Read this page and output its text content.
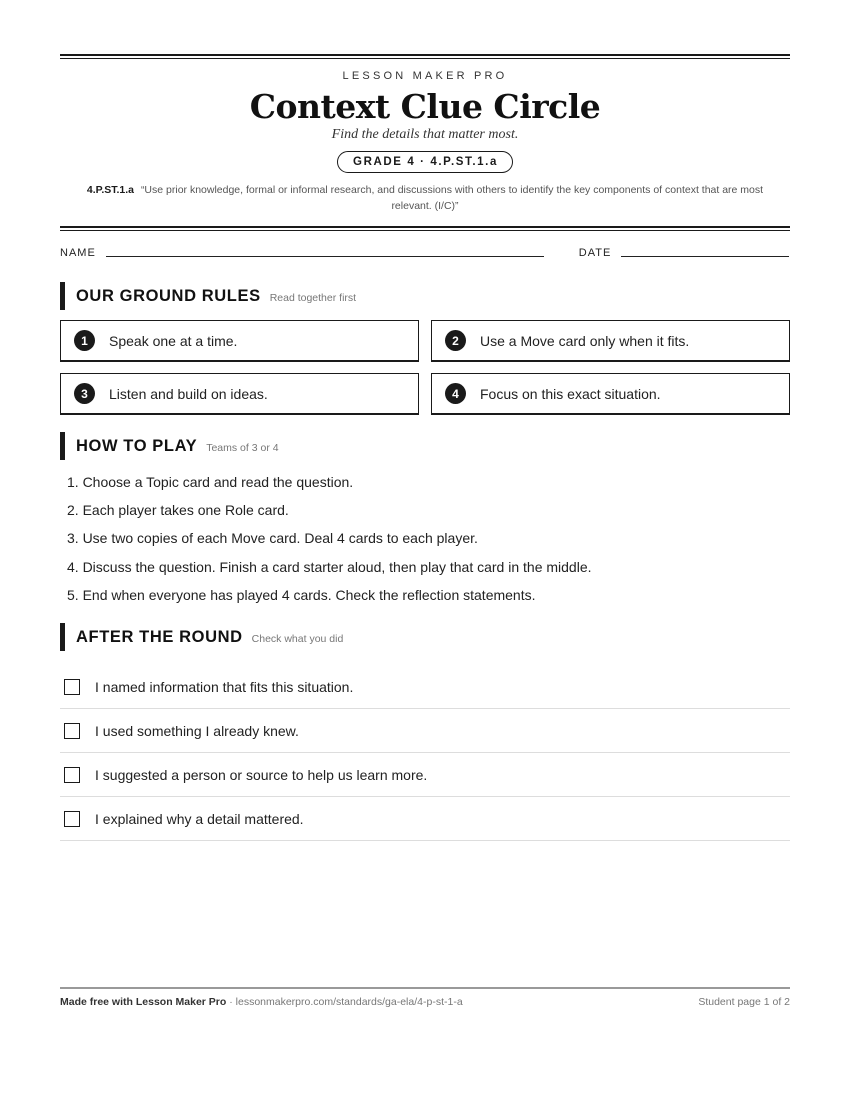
LESSON MAKER PRO
Context Clue Circle
Find the details that matter most.
GRADE 4 · 4.P.ST.1.a
4.P.ST.1.a “Use prior knowledge, formal or informal research, and discussions with others to identify the key components of context that are most relevant. (I/C)”
NAME	DATE
OUR GROUND RULES Read together first
1	Speak one at a time.	2	Use a Move card only when it fits.
3	Listen and build on ideas.	4	Focus on this exact situation.
HOW TO PLAY Teams of 3 or 4
1. Choose a Topic card and read the question.
2. Each player takes one Role card.
3. Use two copies of each Move card. Deal 4 cards to each player.
4. Discuss the question. Finish a card starter aloud, then play that card in the middle.
5. End when everyone has played 4 cards. Check the reflection statements.
AFTER THE ROUND Check what you did
I named information that fits this situation.
I used something I already knew.
I suggested a person or source to help us learn more.
I explained why a detail mattered.
Made free with Lesson Maker Pro · lessonmakerpro.com/standards/ga-ela/4-p-st-1-a	Student page 1 of 2
